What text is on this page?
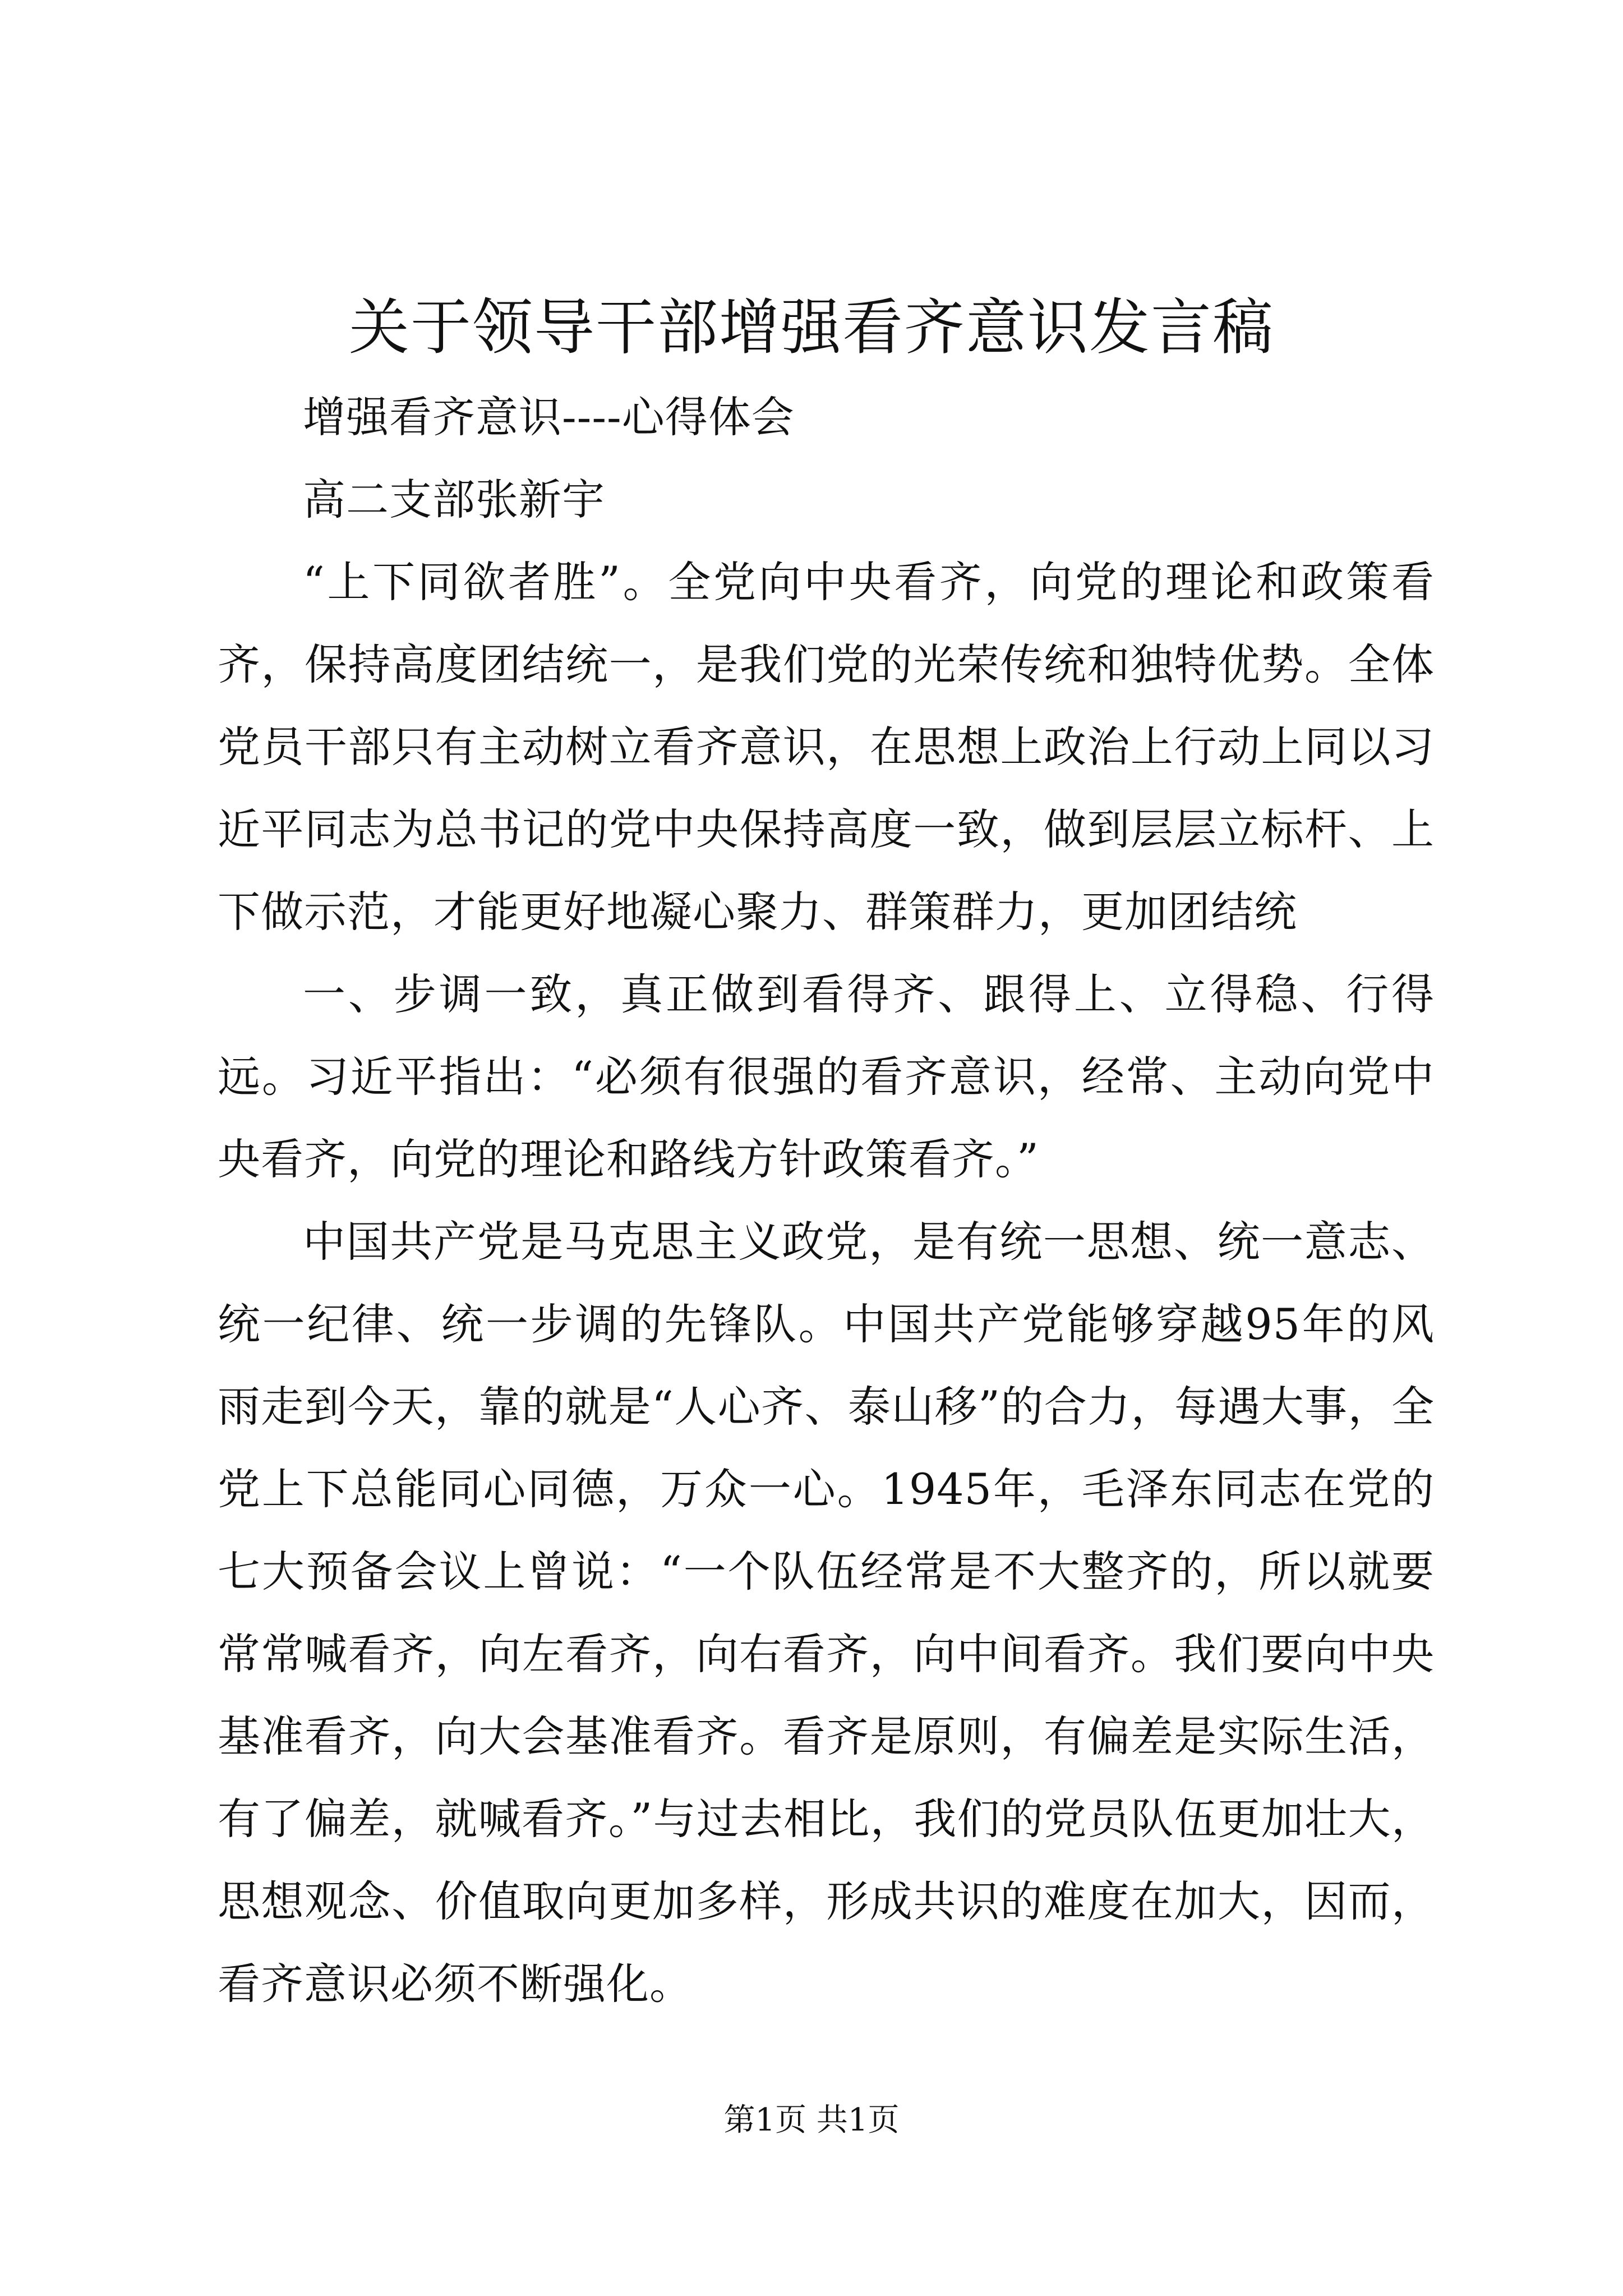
关于领导干部增强看齐意识发言稿

增强看齐意识----心得体会

高二支部张新宇

“上下同欲者胜”。全党向中央看齐，向党的理论和政策看齐，保持高度团结统一，是我们党的光荣传统和独特优势。全体党员干部只有主动树立看齐意识，在思想上政治上行动上同以习近平同志为总书记的党中央保持高度一致，做到层层立标杆、上下做示范，才能更好地凝心聚力、群策群力，更加团结统

一、步调一致，真正做到看得齐、跟得上、立得稳、行得远。习近平指出：“必须有很强的看齐意识，经常、主动向党中央看齐，向党的理论和路线方针政策看齐。”

中国共产党是马克思主义政党，是有统一思想、统一意志、统一纪律、统一步调的先锋队。中国共产党能够穿越95年的风雨走到今天，靠的就是“人心齐、泰山移”的合力，每遇大事，全党上下总能同心同德，万众一心。1945年，毛泽东同志在党的七大预备会议上曾说：“一个队伍经常是不大整齐的，所以就要常常喊看齐，向左看齐，向右看齐，向中间看齐。我们要向中央基准看齐，向大会基准看齐。看齐是原则，有偏差是实际生活，有了偏差，就喊看齐。”与过去相比，我们的党员队伍更加壮大，思想观念、价值取向更加多样，形成共识的难度在加大，因而，看齐意识必须不断强化。

第1页 共1页
